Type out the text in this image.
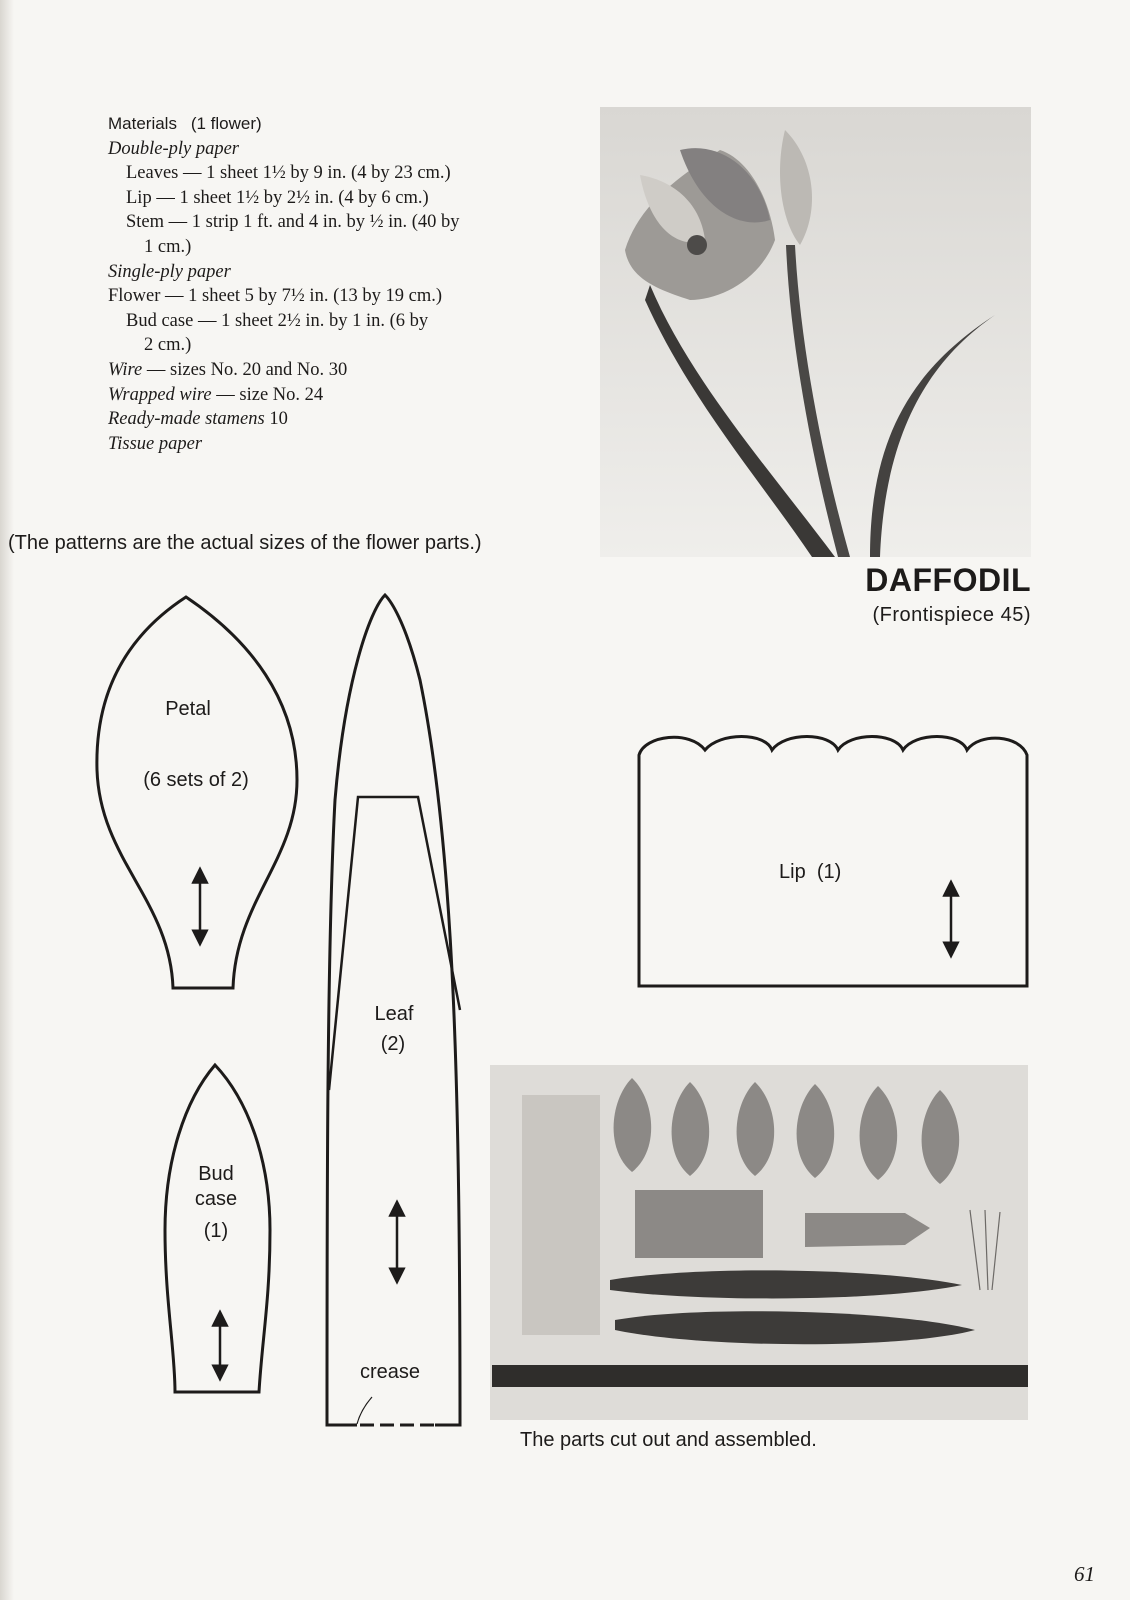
Materials (1 flower)
Double-ply paper
Leaves — 1 sheet 1½ by 9 in. (4 by 23 cm.)
Lip — 1 sheet 1½ by 2½ in. (4 by 6 cm.)
Stem — 1 strip 1 ft. and 4 in. by ½ in. (40 by
1 cm.)
Single-ply paper
Flower — 1 sheet 5 by 7½ in. (13 by 19 cm.)
Bud case — 1 sheet 2½ in. by 1 in. (6 by
2 cm.)
Wire — sizes No. 20 and No. 30
Wrapped wire — size No. 24
Ready-made stamens 10
Tissue paper
(The patterns are the actual sizes of the flower parts.)
DAFFODIL
(Frontispiece 45)
Petal
(6 sets of 2)
Leaf
(2)
crease
Lip (1)
Bud
case
(1)
The parts cut out and assembled.
61
